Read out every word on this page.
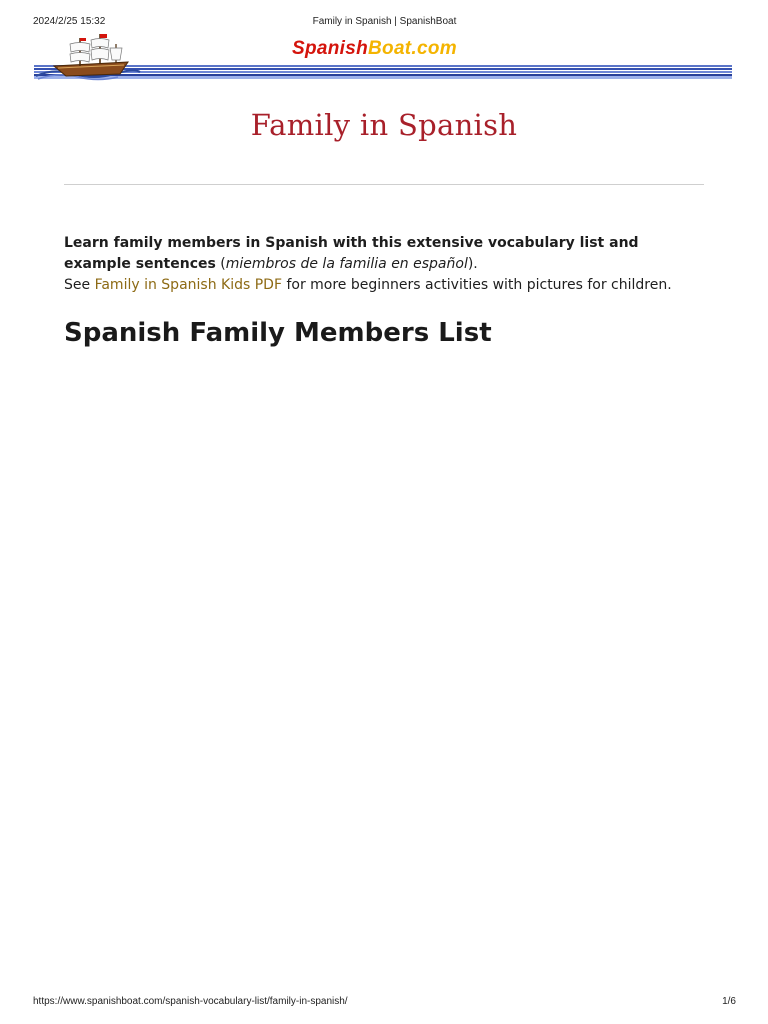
2024/2/25 15:32	Family in Spanish | SpanishBoat
SpanishBoat.com
Family in Spanish

Learn family members in Spanish with this extensive vocabulary list and example sentences (miembros de la familia en español).
See Family in Spanish Kids PDF for more beginners activities with pictures for children.

Spanish Family Members List
https://www.spanishboat.com/spanish-vocabulary-list/family-in-spanish/	1/6
